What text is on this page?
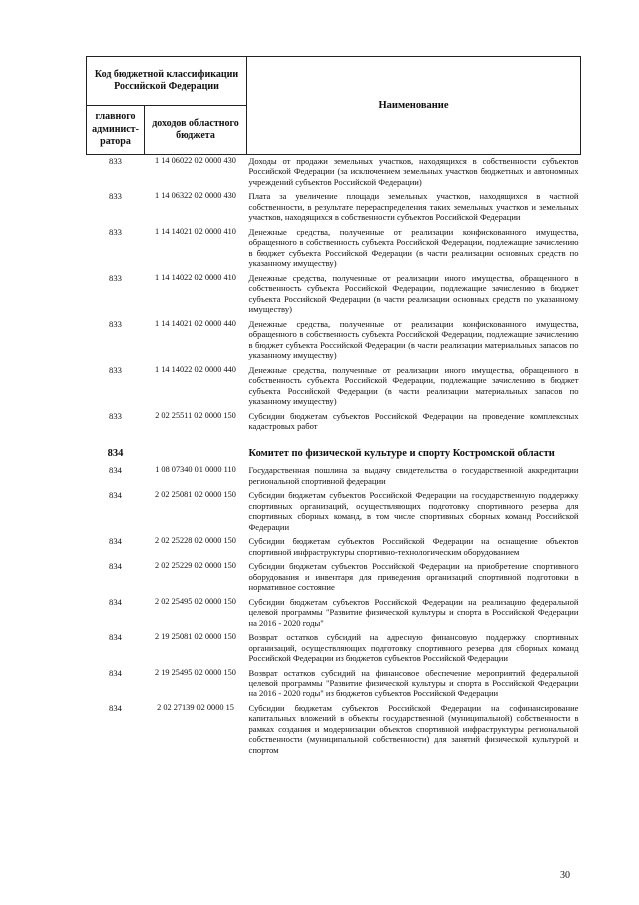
Код бюджетной классификации Российской Федерации		Наименование
главного админист-ратора	доходов областного бюджета	
833	1 14 06022 02 0000 430	Доходы от продажи земельных участков, находящихся в собственности субъектов Российской Федерации (за исключением земельных участков бюджетных и автономных учреждений субъектов Российской Федерации)
833	1 14 06322 02 0000 430	Плата за увеличение площади земельных участков, находящихся в частной собственности, в результате перераспределения таких земельных участков и земельных участков, находящихся в собственности субъектов Российской Федерации
833	1 14 14021 02 0000 410	Денежные средства, полученные от реализации конфискованного имущества, обращенного в собственность субъекта Российской Федерации, подлежащие зачислению в бюджет субъекта Российской Федерации (в части реализации основных средств по указанному имуществу)
833	1 14 14022 02 0000 410	Денежные средства, полученные от реализации иного имущества, обращенного в собственность субъекта Российской Федерации, подлежащие зачислению в бюджет субъекта Российской Федерации (в части реализации основных средств по указанному имуществу)
833	1 14 14021 02 0000 440	Денежные средства, полученные от реализации конфискованного имущества, обращенного в собственность субъекта Российской Федерации, подлежащие зачислению в бюджет субъекта Российской Федерации (в части реализации материальных запасов по указанному имуществу)
833	1 14 14022 02 0000 440	Денежные средства, полученные от реализации иного имущества, обращенного в собственность субъекта Российской Федерации, подлежащие зачислению в бюджет субъекта Российской Федерации (в части реализации материальных запасов по указанному имуществу)
833	2 02 25511 02 0000 150	Субсидии бюджетам субъектов Российской Федерации на проведение комплексных кадастровых работ
834		Комитет по физической культуре и спорту Костромской области
834	1 08 07340 01 0000 110	Государственная пошлина за выдачу свидетельства о государственной аккредитации региональной спортивной федерации
834	2 02 25081 02 0000 150	Субсидии бюджетам субъектов Российской Федерации на государственную поддержку спортивных организаций, осуществляющих подготовку спортивного резерва для спортивных сборных команд, в том числе спортивных сборных команд Российской Федерации
834	2 02 25228 02 0000 150	Субсидии бюджетам субъектов Российской Федерации на оснащение объектов спортивной инфраструктуры спортивно-технологическим оборудованием
834	2 02 25229 02 0000 150	Субсидии бюджетам субъектов Российской Федерации на приобретение спортивного оборудования и инвентаря для приведения организаций спортивной подготовки в нормативное состояние
834	2 02 25495 02 0000 150	Субсидии бюджетам субъектов Российской Федерации на реализацию федеральной целевой программы "Развитие физической культуры и спорта в Российской Федерации на 2016 - 2020 годы"
834	2 19 25081 02 0000 150	Возврат остатков субсидий на адресную финансовую поддержку спортивных организаций, осуществляющих подготовку спортивного резерва для сборных команд Российской Федерации из бюджетов субъектов Российской Федерации
834	2 19 25495 02 0000 150	Возврат остатков субсидий на финансовое обеспечение мероприятий федеральной целевой программы "Развитие физической культуры и спорта в Российской Федерации на 2016 - 2020 годы" из бюджетов субъектов Российской Федерации
834	2 02 27139 02 0000 15	Субсидии бюджетам субъектов Российской Федерации на софинансирование капитальных вложений в объекты государственной (муниципальной) собственности в рамках создания и модернизации объектов спортивной инфраструктуры региональной собственности (муниципальной собственности) для занятий физической культурой и спортом
30
